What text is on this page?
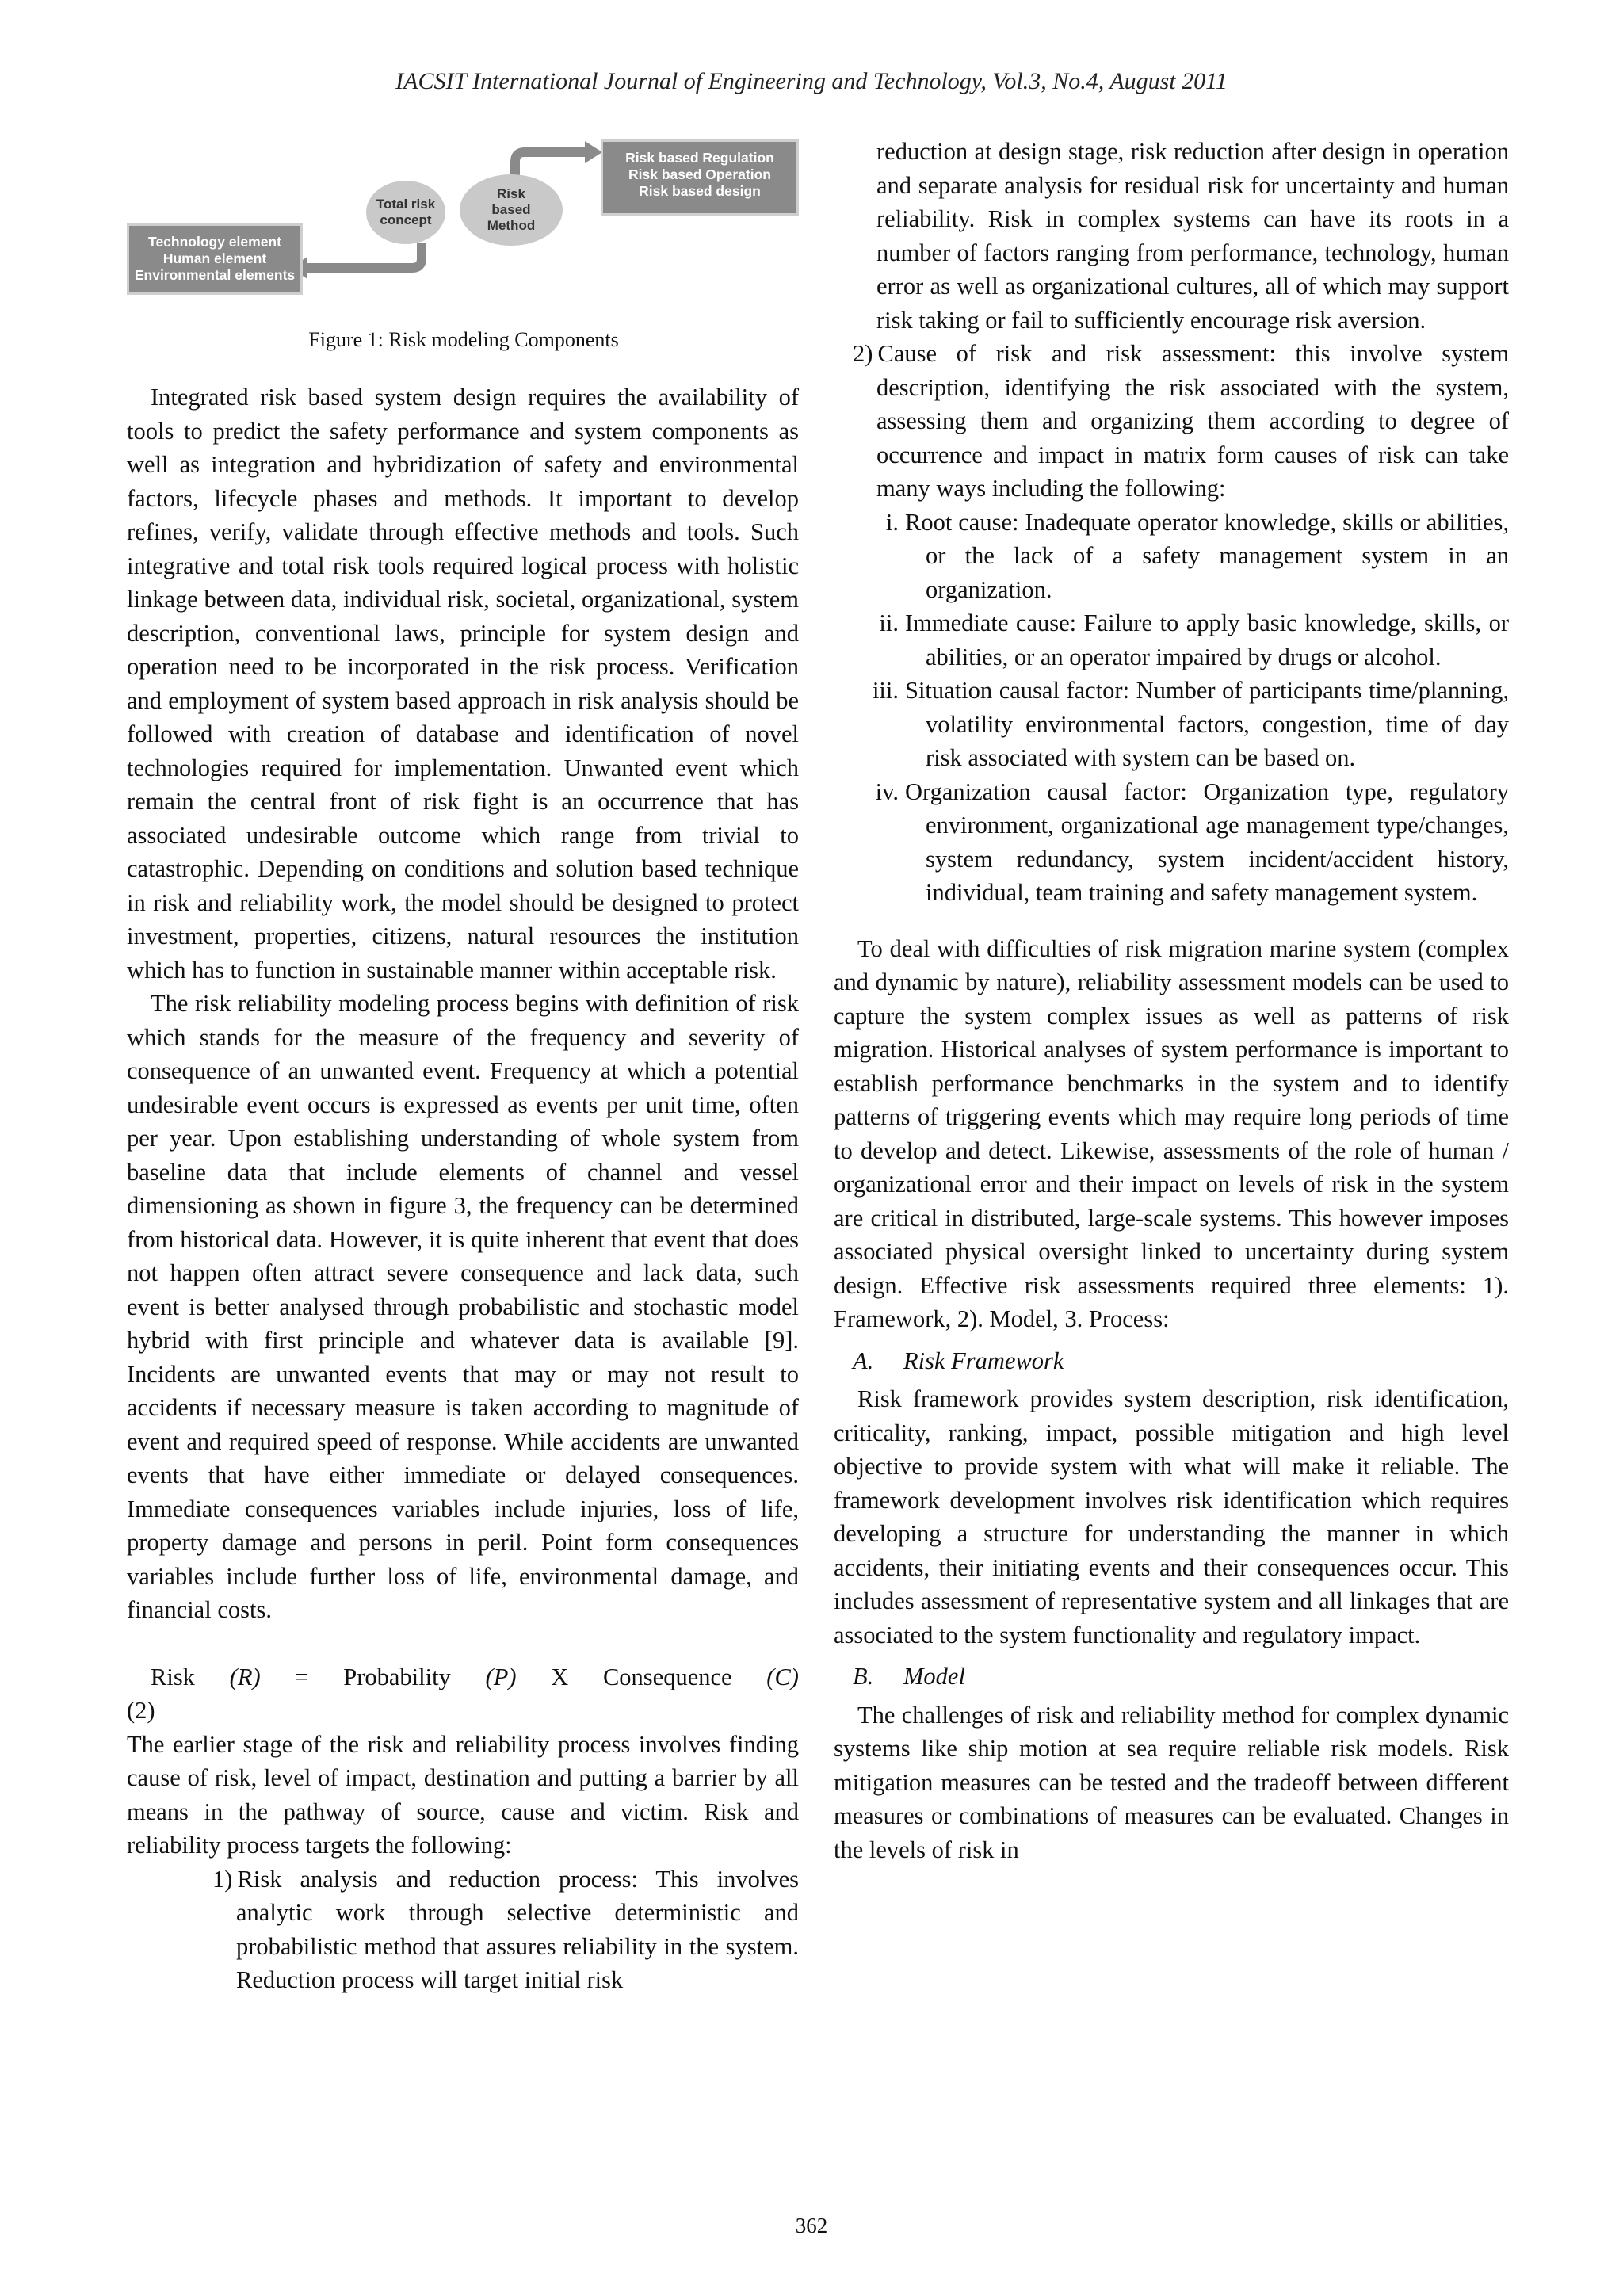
IACSIT International Journal of Engineering and Technology, Vol.3, No.4, August 2011
Technology element
Human element
Environmental elements
Total risk
concept
Risk
based
Method
Risk based Regulation
Risk based Operation
Risk based design
Figure 1: Risk modeling Components

Integrated risk based system design requires the availability of tools to predict the safety performance and system components as well as integration and hybridization of safety and environmental factors, lifecycle phases and methods. It important to develop refines, verify, validate through effective methods and tools. Such integrative and total risk tools required logical process with holistic linkage between data, individual risk, societal, organizational, system description, conventional laws, principle for system design and operation need to be incorporated in the risk process. Verification and employment of system based approach in risk analysis should be followed with creation of database and identification of novel technologies required for implementation. Unwanted event which remain the central front of risk fight is an occurrence that has associated undesirable outcome which range from trivial to catastrophic. Depending on conditions and solution based technique in risk and reliability work, the model should be designed to protect investment, properties, citizens, natural resources the institution which has to function in sustainable manner within acceptable risk.

The risk reliability modeling process begins with definition of risk which stands for the measure of the frequency and severity of consequence of an unwanted event. Frequency at which a potential undesirable event occurs is expressed as events per unit time, often per year. Upon establishing understanding of whole system from baseline data that include elements of channel and vessel dimensioning as shown in figure 3, the frequency can be determined from historical data. However, it is quite inherent that event that does not happen often attract severe consequence and lack data, such event is better analysed through probabilistic and stochastic model hybrid with first principle and whatever data is available [9]. Incidents are unwanted events that may or may not result to accidents if necessary measure is taken according to magnitude of event and required speed of response. While accidents are unwanted events that have either immediate or delayed consequences. Immediate consequences variables include injuries, loss of life, property damage and persons in peril. Point form consequences variables include further loss of life, environmental damage, and financial costs.

Risk (R) = Probability (P) X Consequence (C)
(2)

The earlier stage of the risk and reliability process involves finding cause of risk, level of impact, destination and putting a barrier by all means in the pathway of source, cause and victim. Risk and reliability process targets the following:

1) Risk analysis and reduction process: This involves analytic work through selective deterministic and probabilistic method that assures reliability in the system. Reduction process will target initial risk
reduction at design stage, risk reduction after design in operation and separate analysis for residual risk for uncertainty and human reliability. Risk in complex systems can have its roots in a number of factors ranging from performance, technology, human error as well as organizational cultures, all of which may support risk taking or fail to sufficiently encourage risk aversion.
2) Cause of risk and risk assessment: this involve system description, identifying the risk associated with the system, assessing them and organizing them according to degree of occurrence and impact in matrix form causes of risk can take many ways including the following:
i. Root cause: Inadequate operator knowledge, skills or abilities, or the lack of a safety management system in an organization.
ii. Immediate cause: Failure to apply basic knowledge, skills, or abilities, or an operator impaired by drugs or alcohol.
iii. Situation causal factor: Number of participants time/planning, volatility environmental factors, congestion, time of day risk associated with system can be based on.
iv. Organization causal factor: Organization type, regulatory environment, organizational age management type/changes, system redundancy, system incident/accident history, individual, team training and safety management system.

To deal with difficulties of risk migration marine system (complex and dynamic by nature), reliability assessment models can be used to capture the system complex issues as well as patterns of risk migration. Historical analyses of system performance is important to establish performance benchmarks in the system and to identify patterns of triggering events which may require long periods of time to develop and detect. Likewise, assessments of the role of human / organizational error and their impact on levels of risk in the system are critical in distributed, large-scale systems. This however imposes associated physical oversight linked to uncertainty during system design. Effective risk assessments required three elements: 1). Framework, 2). Model, 3. Process:

A. Risk Framework

Risk framework provides system description, risk identification, criticality, ranking, impact, possible mitigation and high level objective to provide system with what will make it reliable. The framework development involves risk identification which requires developing a structure for understanding the manner in which accidents, their initiating events and their consequences occur. This includes assessment of representative system and all linkages that are associated to the system functionality and regulatory impact.

B. Model

The challenges of risk and reliability method for complex dynamic systems like ship motion at sea require reliable risk models. Risk mitigation measures can be tested and the tradeoff between different measures or combinations of measures can be evaluated. Changes in the levels of risk in

362
